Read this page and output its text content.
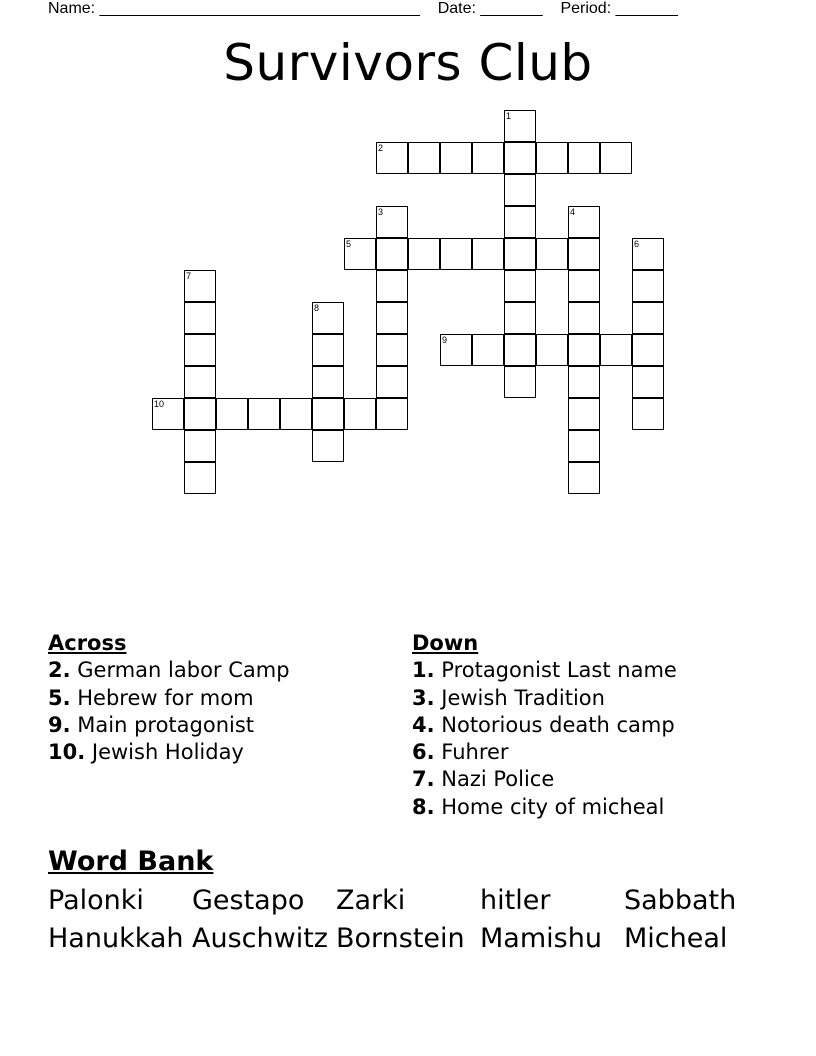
Name: ____________________________________    Date: _______    Period: _______
Survivors Club
1
2
3	4
5	6
7
8
9
10
Across
2. German labor Camp
5. Hebrew for mom
9. Main protagonist
10. Jewish Holiday
Down
1. Protagonist Last name
3. Jewish Tradition
4. Notorious death camp
6. Fuhrer
7. Nazi Police
8. Home city of micheal
Word Bank
Palonki	Gestapo	Zarki	hitler	Sabbath
Hanukkah Auschwitz Bornstein Mamishu Micheal
